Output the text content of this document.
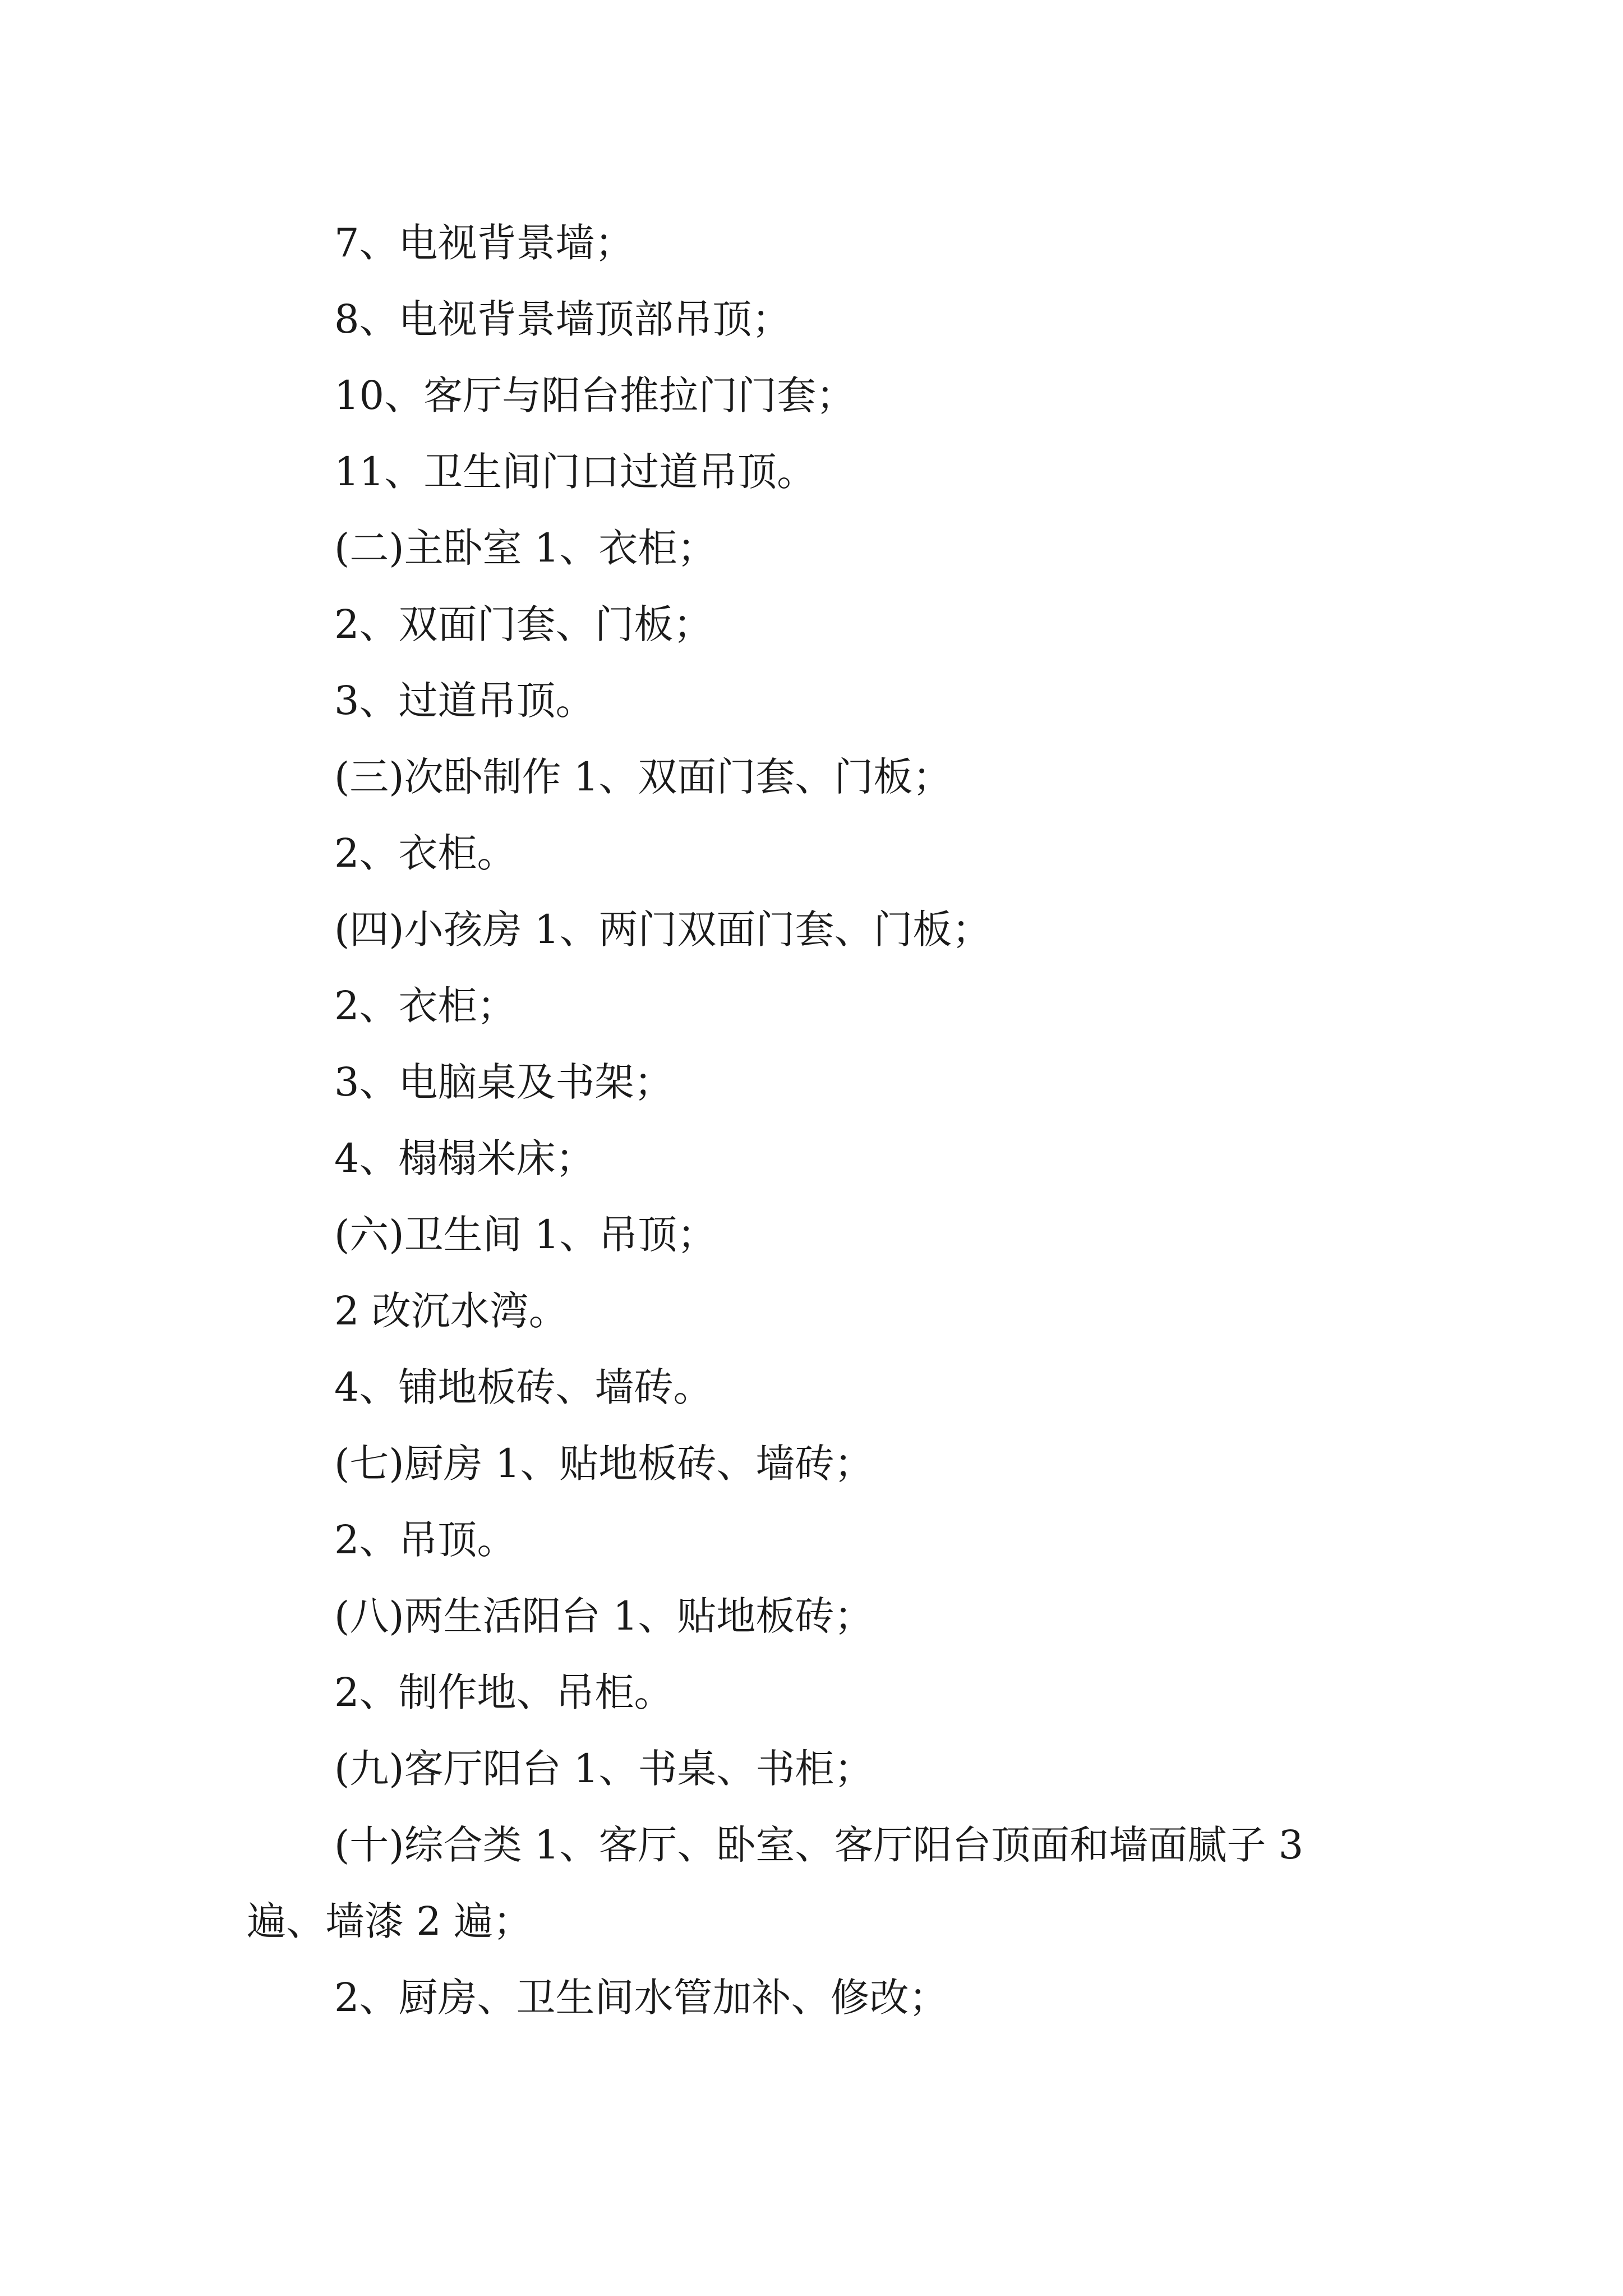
7、电视背景墙；
8、电视背景墙顶部吊顶；
10、客厅与阳台推拉门门套；
11、卫生间门口过道吊顶。
(二)主卧室 1、衣柜；
2、双面门套、门板；
3、过道吊顶。
(三)次卧制作 1、双面门套、门板；
2、衣柜。
(四)小孩房 1、两门双面门套、门板；
2、衣柜；
3、电脑桌及书架；
4、榻榻米床；
(六)卫生间 1、吊顶；
2 改沉水湾。
4、铺地板砖、墙砖。
(七)厨房 1、贴地板砖、墙砖；
2、吊顶。
(八)两生活阳台 1、贴地板砖；
2、制作地、吊柜。
(九)客厅阳台 1、书桌、书柜；
(十)综合类 1、客厅、卧室、客厅阳台顶面和墙面腻子 3
遍、墙漆 2 遍；
2、厨房、卫生间水管加补、修改；
